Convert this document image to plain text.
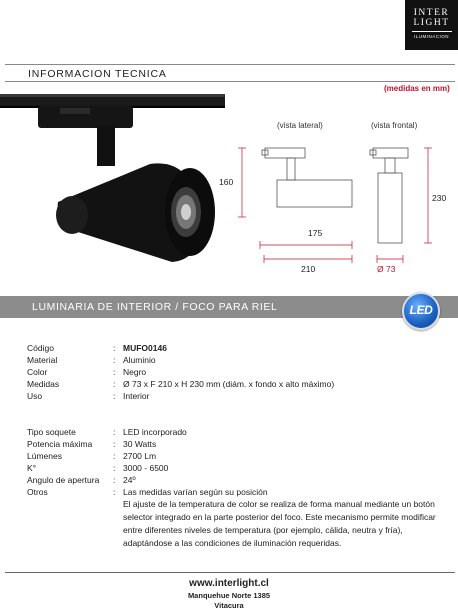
INTER
LIGHT
ILUMINACION
INFORMACION TECNICA
(medidas en mm)
(vista lateral)	(vista frontal)
160
175
230
210	Ø 73
LUMINARIA DE INTERIOR / FOCO PARA RIEL	LED
Código	: MUFO0146
Material	: Aluminio
Color	: Negro
Medidas	: Ø 73 x F 210 x H 230 mm (diám. x fondo x alto máximo)
Uso	: Interior
Tipo soquete	: LED incorporado
Potencia máxima : 30 Watts
Lúmenes	: 2700 Lm
K°	: 3000 - 6500
Angulo de apertura : 24º
Otros	: Las medidas varían según su posición
El ajuste de la temperatura de color se realiza de forma manual mediante un botón selector integrado en la parte posterior del foco. Este mecanismo permite modificar entre diferentes niveles de temperatura (por ejemplo, cálida, neutra y fría), adaptándose a las condiciones de iluminación requeridas.
www.interlight.cl
Manquehue Norte 1385
Vitacura
